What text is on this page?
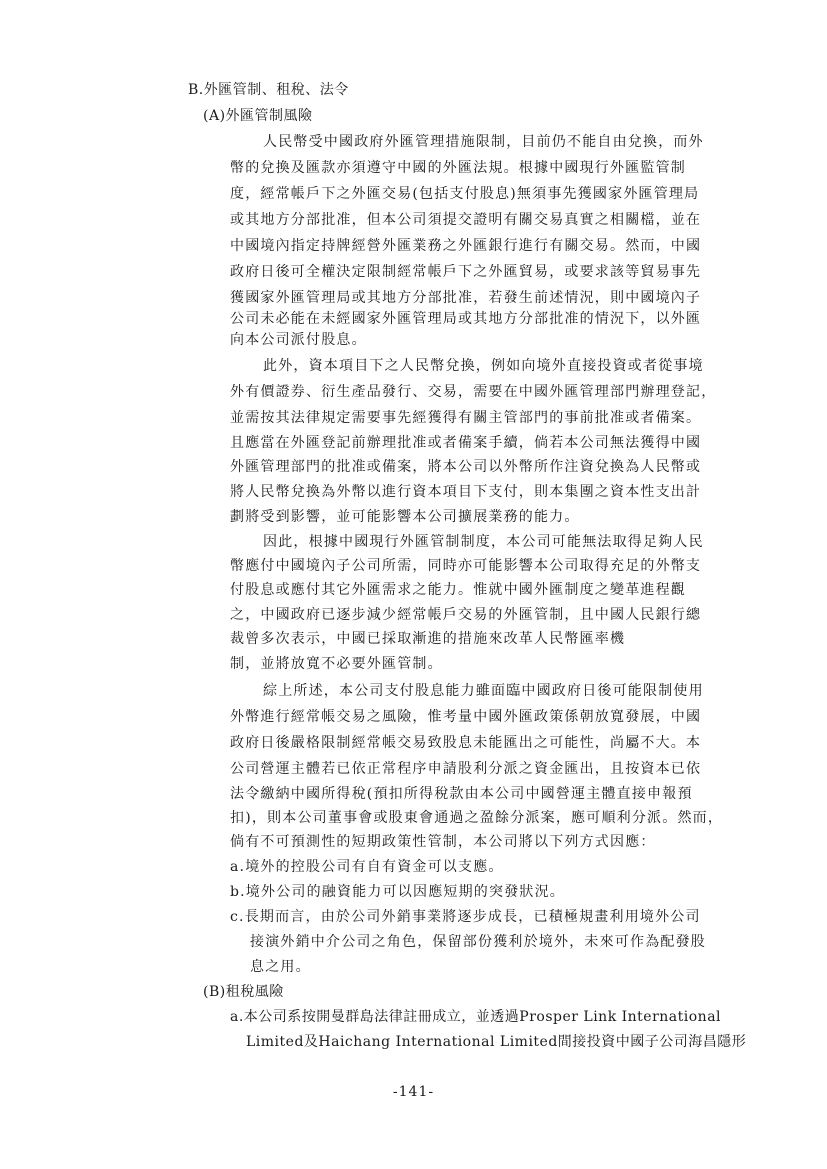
B.外匯管制、租稅、法令
(A)外匯管制風險
人民幣受中國政府外匯管理措施限制，目前仍不能自由兌換，而外
幣的兌換及匯款亦須遵守中國的外匯法規。根據中國現行外匯監管制
度，經常帳戶下之外匯交易(包括支付股息)無須事先獲國家外匯管理局
或其地方分部批准，但本公司須提交證明有關交易真實之相關檔，並在
中國境內指定持牌經營外匯業務之外匯銀行進行有關交易。然而，中國
政府日後可全權決定限制經常帳戶下之外匯貿易，或要求該等貿易事先
獲國家外匯管理局或其地方分部批准，若發生前述情況，則中國境內子
公司未必能在未經國家外匯管理局或其地方分部批准的情況下，以外匯
向本公司派付股息。
此外，資本項目下之人民幣兌換，例如向境外直接投資或者從事境
外有價證券、衍生產品發行、交易，需要在中國外匯管理部門辦理登記，
並需按其法律規定需要事先經獲得有關主管部門的事前批准或者備案。
且應當在外匯登記前辦理批准或者備案手續，倘若本公司無法獲得中國
外匯管理部門的批准或備案，將本公司以外幣所作注資兌換為人民幣或
將人民幣兌換為外幣以進行資本項目下支付，則本集團之資本性支出計
劃將受到影響，並可能影響本公司擴展業務的能力。
因此，根據中國現行外匯管制制度，本公司可能無法取得足夠人民
幣應付中國境內子公司所需，同時亦可能影響本公司取得充足的外幣支
付股息或應付其它外匯需求之能力。惟就中國外匯制度之變革進程觀
之，中國政府已逐步減少經常帳戶交易的外匯管制，且中國人民銀行總
裁曾多次表示，中國已採取漸進的措施來改革人民幣匯率機
制，並將放寬不必要外匯管制。
綜上所述，本公司支付股息能力雖面臨中國政府日後可能限制使用
外幣進行經常帳交易之風險，惟考量中國外匯政策係朝放寬發展，中國
政府日後嚴格限制經常帳交易致股息未能匯出之可能性，尚屬不大。本
公司營運主體若已依正常程序申請股利分派之資金匯出，且按資本已依
法令繳納中國所得稅(預扣所得稅款由本公司中國營運主體直接申報預
扣)，則本公司董事會或股東會通過之盈餘分派案，應可順利分派。然而，
倘有不可預測性的短期政策性管制，本公司將以下列方式因應：
a.境外的控股公司有自有資金可以支應。
b.境外公司的融資能力可以因應短期的突發狀況。
c.長期而言，由於公司外銷事業將逐步成長，已積極規畫利用境外公司
接演外銷中介公司之角色，保留部份獲利於境外，未來可作為配發股
息之用。
(B)租稅風險
a.本公司系按開曼群島法律註冊成立，並透過Prosper Link International
Limited及Haichang International Limited間接投資中國子公司海昌隱形
-141-
